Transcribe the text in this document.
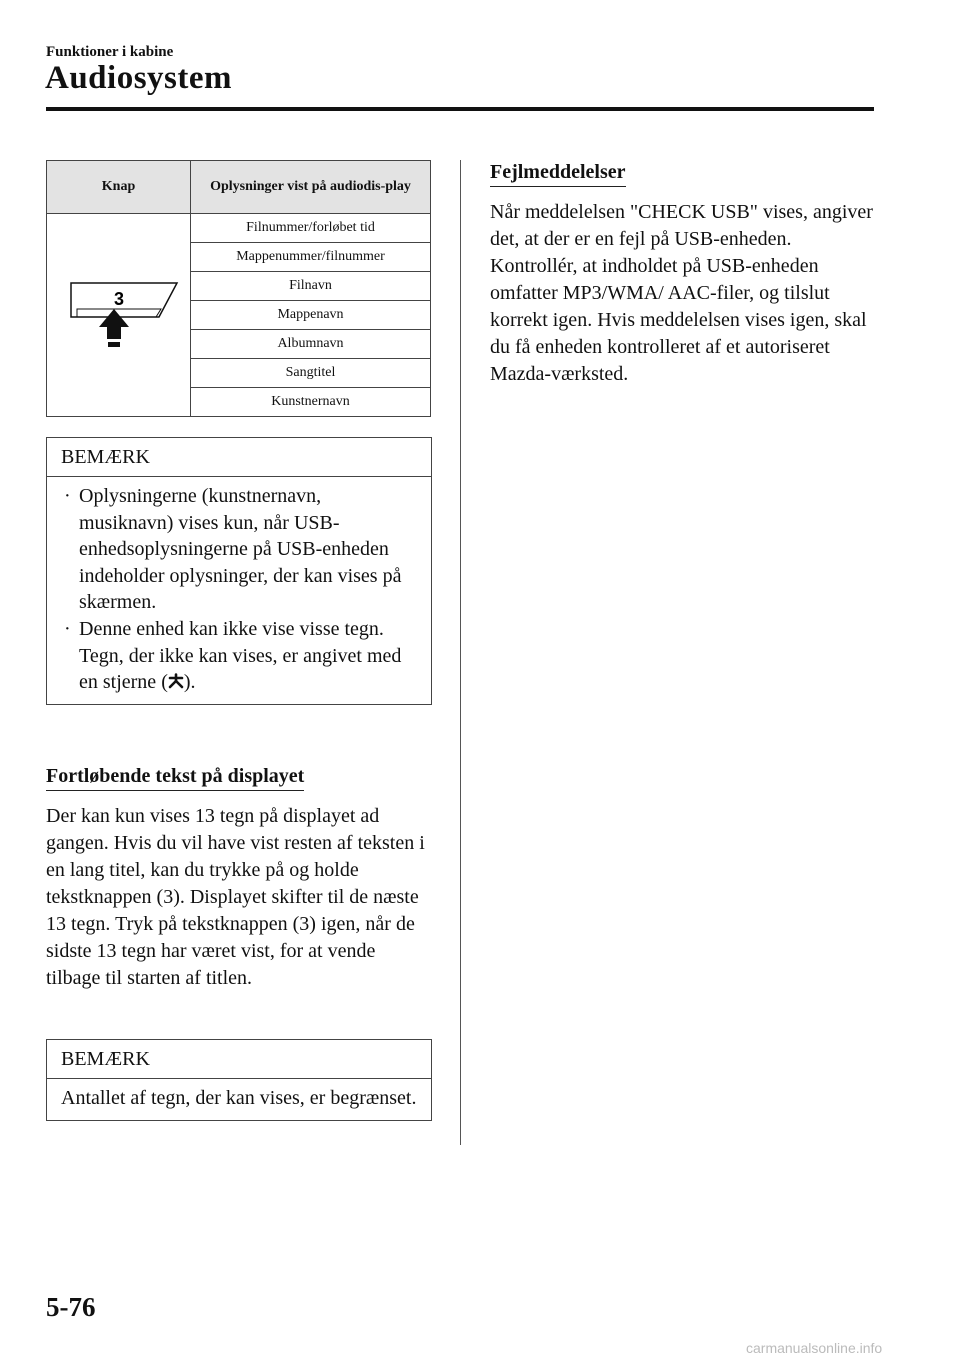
Funktioner i kabine
Audiosystem
Knap	Oplysninger vist på audiodis-play

3	Filnummer/forløbet tid
	Mappenummer/filnummer
	Filnavn
	Mappenavn
	Albumnavn
	Sangtitel
	Kunstnernavn
BEMÆRK
· Oplysningerne (kunstnernavn, musiknavn) vises kun, når USB-enhedsoplysningerne på USB-enheden indeholder oplysninger, der kan vises på skærmen.
· Denne enhed kan ikke vise visse tegn. Tegn, der ikke kan vises, er angivet med en stjerne ( ).
Fortløbende tekst på displayet
Der kan kun vises 13 tegn på displayet ad gangen. Hvis du vil have vist resten af teksten i en lang titel, kan du trykke på og holde tekstknappen (3). Displayet skifter til de næste 13 tegn. Tryk på tekstknappen (3) igen, når de sidste 13 tegn har været vist, for at vende tilbage til starten af titlen.
BEMÆRK
Antallet af tegn, der kan vises, er begrænset.
Fejlmeddelelser
Når meddelelsen "CHECK USB" vises, angiver det, at der er en fejl på USB-enheden. Kontrollér, at indholdet på USB-enheden omfatter MP3/WMA/ AAC-filer, og tilslut korrekt igen. Hvis meddelelsen vises igen, skal du få enheden kontrolleret af et autoriseret Mazda-værksted.
5-76
carmanualsonline.info
